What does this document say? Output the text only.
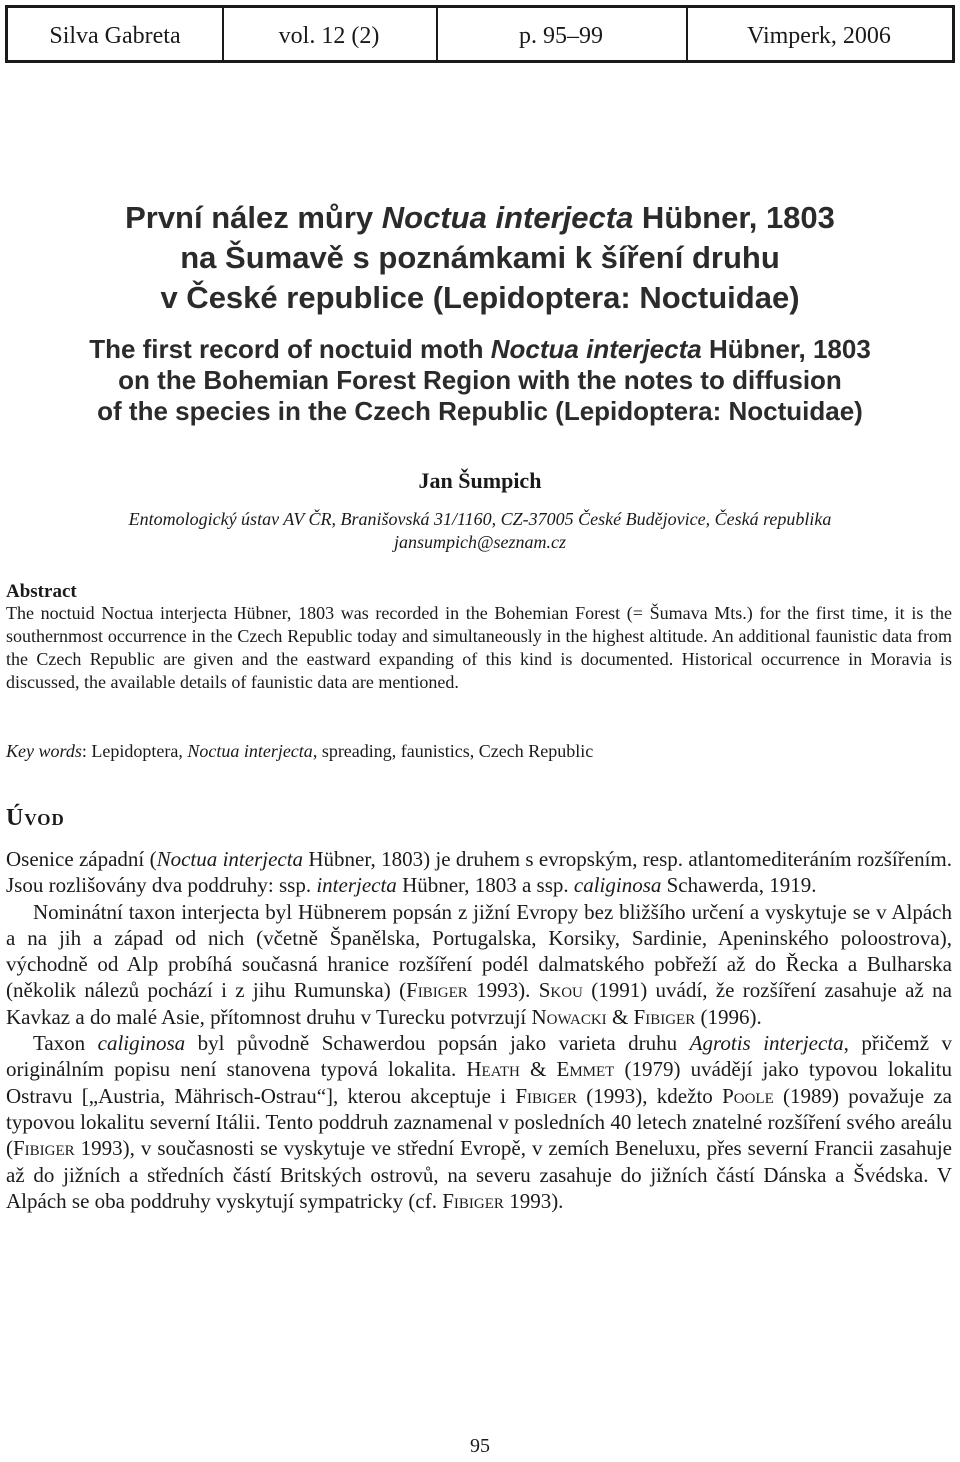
Silva Gabreta	vol. 12 (2)	p. 95–99	Vimperk, 2006
První nález můry Noctua interjecta Hübner, 1803
na Šumavě s poznámkami k šíření druhu
v České republice (Lepidoptera: Noctuidae)
The first record of noctuid moth Noctua interjecta Hübner, 1803
on the Bohemian Forest Region with the notes to diffusion
of the species in the Czech Republic (Lepidoptera: Noctuidae)
Jan Šumpich
Entomologický ústav AV ČR, Branišovská 31/1160, CZ-37005 České Budějovice, Česká republika
jansumpich@seznam.cz
Abstract
The noctuid Noctua interjecta Hübner, 1803 was recorded in the Bohemian Forest (= Šumava Mts.) for the first time, it is the southernmost occurrence in the Czech Republic today and simultaneously in the highest altitude. An additional faunistic data from the Czech Republic are given and the eastward expanding of this kind is documented. Historical occurrence in Moravia is discussed, the available details of faunistic data are mentioned.
Key words: Lepidoptera, Noctua interjecta, spreading, faunistics, Czech Republic
Úvod

Osenice západní (Noctua interjecta Hübner, 1803) je druhem s evropským, resp. atlantomediteráním rozšířením. Jsou rozlišovány dva poddruhy: ssp. interjecta Hübner, 1803 a ssp. caliginosa Schawerda, 1919.

Nominátní taxon interjecta byl Hübnerem popsán z jižní Evropy bez bližšího určení a vyskytuje se v Alpách a na jih a západ od nich (včetně Španělska, Portugalska, Korsiky, Sardinie, Apeninského poloostrova), východně od Alp probíhá současná hranice rozšíření podél dalmatského pobřeží až do Řecka a Bulharska (několik nálezů pochází i z jihu Rumunska) (Fibiger 1993). Skou (1991) uvádí, že rozšíření zasahuje až na Kavkaz a do malé Asie, přítomnost druhu v Turecku potvrzují Nowacki & Fibiger (1996).

Taxon caliginosa byl původně Schawerdou popsán jako varieta druhu Agrotis interjecta, přičemž v originálním popisu není stanovena typová lokalita. Heath & Emmet (1979) uvádějí jako typovou lokalitu Ostravu [„Austria, Mährisch-Ostrau“], kterou akceptuje i Fibiger (1993), kdežto Poole (1989) považuje za typovou lokalitu severní Itálii. Tento poddruh zaznamenal v posledních 40 letech znatelné rozšíření svého areálu (Fibiger 1993), v současnosti se vyskytuje ve střední Evropě, v zemích Beneluxu, přes severní Francii zasahuje až do jižních a středních částí Britských ostrovů, na severu zasahuje do jižních částí Dánska a Švédska. V Alpách se oba poddruhy vyskytují sympatricky (cf. Fibiger 1993).

95
